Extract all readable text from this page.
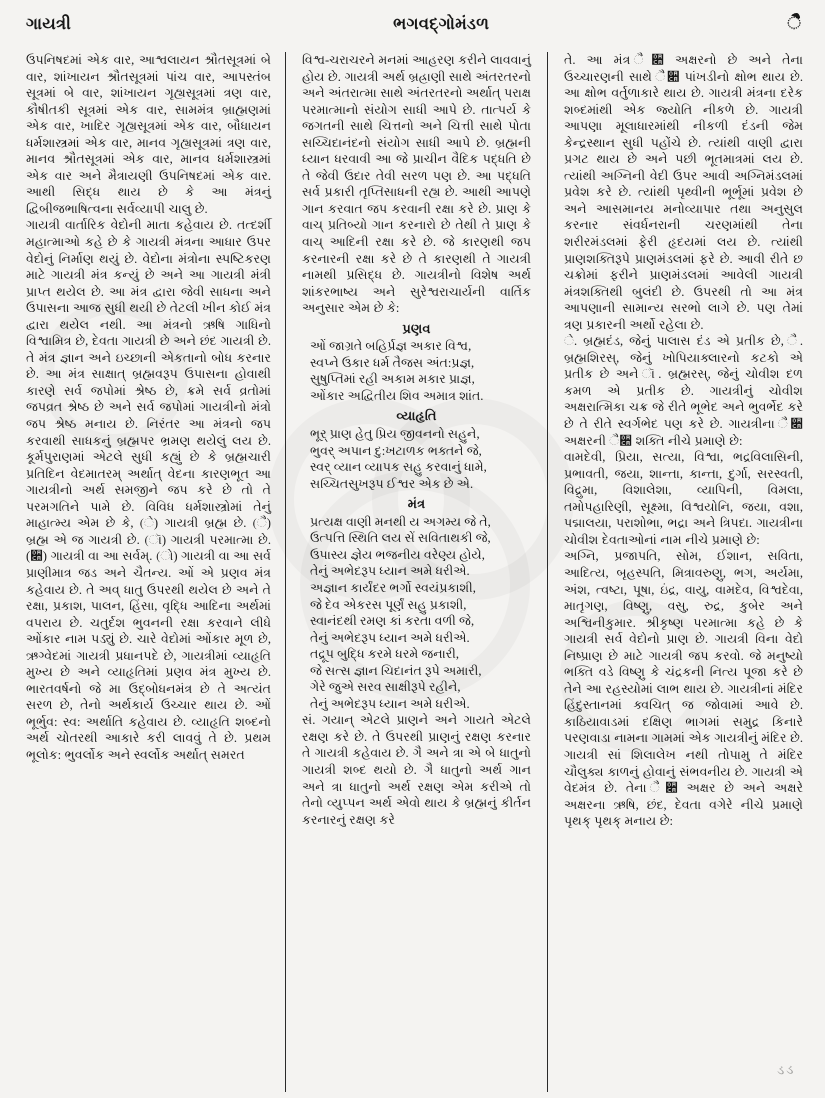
ગાયત્રી	ભગવદ્ગોમંડળ	ૈૈેૈ

ઉપનિષદમાં એક વાર, આશ્વલાયન શ્રૌતસૂત્રમાં બે વાર, શાંખાયન શ્રૌતસૂત્રમાં પાંચ વાર, આપસ્તંબ સૂત્રમાં બે વાર, શાંખાયન ગૃહ્યસૂત્રમાં ત્રણ વાર, કૌષીતકી સૂત્રમાં એક વાર, સામમંત્ર બ્રાહ્મણમાં એક વાર, ખાદિર ગૃહ્યસૂત્રમાં એક વાર, બૌધાયન ધર્મશાસ્ત્રમાં એક વાર, માનવ ગૃહ્યસૂત્રમાં ત્રણ વાર, માનવ શ્રૌતસૂત્રમાં એક વાર, માનવ ધર્મશાસ્ત્રમાં એક વાર અને મૈત્રાયણી ઉપનિષદમાં એક વાર. આથી સિદ્ધ થાય છે કે આ મંત્રનું દ્વિબીજભાષિત્વના સર્વવ્યાપી ચાલુ છે.

ગાયત્રી વાર્તારિક વેદોની માતા કહેવાય છે. તત્દર્શી મહાત્માઓ કહે છે કે ગાયત્રી મંત્રના આધાર ઉપર વેદોનું નિર્માણ થયું છે. વેદોના મંત્રોના સ્પષ્ટિકરણ માટે ગાયત્રી મંત્ર કન્યું છે અને આ ગાયત્રી મંત્રી પ્રાપ્ત થયેલ છે. આ મંત્ર દ્વારા જેવી સાધના અને ઉપાસના આજ સુધી થયી છે તેટલી ખીન કોઈ મંત્ર દ્વારા થયેલ નથી. આ મંત્રનો ઋષિ ગાધિનો વિશ્વામિત્ર છે, દેવતા ગાયત્રી છે અને છંદ ગાયત્રી છે. તે મંત્ર જ્ઞાન અને ઇચ્છાની એકતાનો બોધ કરનાર છે. આ મંત્ર સાક્ષાત્ બ્રહ્મવરૂપ ઉપાસના હોવાથી કારણે સર્વ જપોમાં શ્રેષ્ઠ છે, ક્રમે સર્વ વ્રતોમાં જપવ્રત શ્રેષ્ઠ છે અને સર્વ જપોમાં ગાયત્રીનો મંત્રો જપ શ્રેષ્ઠ મનાય છે. નિરંતર આ મંત્રનો જપ કરવાથી સાધકનું બ્રહ્મપર ભ્રમણ થયેલું લય છે. કૂર્મપુરાણમાં એટલે સુધી કહ્યું છે કે બ્રહ્મચારી પ્રતિદિન વેદમાતરમ્ અર્થાત્ વેદના કારણભૂત આ ગાયત્રીનો અર્થ સમજીને જપ કરે છે તો તે પરમગતિને પામે છે. વિવિધ ધર્મશાસ્ત્રોમાં તેનું માહાત્મ્ય એમ છે કે, (ે) ગાયત્રી બ્રહ્મ છે. (ૈ) બ્રહ્મ એ જ ગાયત્રી છે. (ૉ) ગાયત્રી પરમાત્મા છે. (૊) ગાયત્રી વા આ સર્વમ્. (ો) ગાયત્રી વા આ સર્વ પ્રાણીમાત્ર જડ અને ચૈતન્ય. ઓં એ પ્રણવ મંત્ર કહેવાય છે. તે અવ્ ધાતુ ઉપરથી થયેલ છે અને તે રક્ષા, પ્રકાશ, પાલન, હિંસા, વૃદ્ધિ આદિના અર્થમાં વપરાય છે. ચતુર્દશ ભુવનની રક્ષા કરવાને લીધે ઓંકાર નામ પડ્યું છે. ચારે વેદોમાં ઓંકાર મૂળ છે, ઋગ્વેદમાં ગાયત્રી પ્રધાનપદે છે, ગાયત્રીમાં વ્યાહૃતિ મુખ્ય છે અને વ્યાહૃતિમાં પ્રણવ મંત્ર મુખ્ય છે. ભારતવર્ષનો જે મા ઉદ્બોધનમંત્ર છે તે અત્યંત સરળ છે, તેનો અર્થકાર્ય ઉચ્ચાર થાય છે. ઓં ભૂર્ભુવ: સ્વ: અર્થાતિ કહેવાય છે. વ્યાહૃતિ શબ્દનો અર્થ ચોતરથી આકારે કરી લાવવું તે છે. પ્રથમ ભૂલોક: ભુવર્લોક અને સ્વર્લોક અર્થાત્ સમરત

વિશ્વ-ચરાચરને મનમાં આહરણ કરીને લાવવાનું હોય છે. ગાયત્રી અર્થ બ્રહ્રાણી સાથે અંતરતરનો અને અંતરાત્મા સાથે અંતરતરનો અર્થાત્ પરાક્ષ પરમાત્માનો સંયોગ સાધી આપે છે. તાત્પર્ય કે જગતની સાથે ચિત્તનો અને ચિત્તી સાથે પોતા સચ્ચિદાનંદનો સંયોગ સાધી આપે છે. બ્રહ્મની ધ્યાન ધરવાવી આ જે પ્રાચીન વૈદિક પદ્ધતિ છે તે જેવી ઉદાર તેવી સરળ પણ છે. આ પદ્ધતિ સર્વ પ્રકારી તૃપ્તિસાધની રહ્ય છે. આથી આપણે ગાન કરવાત જપ કરવાની રક્ષા કરે છે. પ્રાણ કે વાચ્ પ્રતિબ્યો ગાન કરનારો છે તેથી તે પ્રાણ કે વાચ્ આદિની રક્ષા કરે છે. જે કારણથી જપ કરનારની રક્ષા કરે છે તે કારણથી તે ગાયત્રી નામથી પ્રસિદ્ધ છે. ગાયત્રીનો વિશેષ અર્થ શાંકરભાષ્ય અને સુરેશ્વરાચાર્યની વાર્તિક અનુસાર એમ છે કે:

પ્રણવ
ઓં જાગ્રતે બહિર્પ્રજ્ઞ અકાર વિશ્વ,
સ્વપ્ને ઉકાર ધર્મ તૈજસ અંત:પ્રજ્ઞ,
સુષુપ્તિમાં રહી અકામ મકાર પ્રાજ્ઞ,
ઓંકાર અદ્વિતીય શિવ અમાત્ર શાંત.
વ્યાહૃતિ
ભૂર્ પ્રાણ હેતુ પ્રિય જીવનનો સહુને,
ભુવર્ અપાન દુ:ખટાળક ભક્તને જે,
સ્વર્ વ્યાન વ્યાપક સહુ કરવાનું ધામે,
સચ્ચિતસુખરૂપ ઈશ્વર એક છે એ.
મંત્ર
પ્રત્યક્ષ વાણી મનથી ય અગમ્ય જે તે,
ઉત્પત્તિ સ્થિતિ લય સેં સવિતાથકી જે,
ઉપાસ્ય જ્ઞેય ભજનીય વરેણ્ય હોયે,
તેનું અભેદરૂપ ધ્યાન અમે ધરીએ.
અજ્ઞાન કાર્યંદર ભર્ગો સ્વયંપ્રકાશી,
જે દેવ એકરસ પૂર્ણં સહુ પ્રકાશી,
સ્વાનંદથી રમણ કાં કરતા વળી જે,
તેનું અભેદરૂપ ધ્યાન અમે ધરીએ.
તદ્રૂપ બુદ્ધિ કરમે ધરમે જનારી,
જે સત્સ જ્ઞાન ચિદાનંત રૂપે અમારી,
ગેરે જુએ સરવ સાક્ષીરૂપે રહીને,
તેનું અભેદરૂપ ધ્યાન અમે ધરીએ.

સં. ગયાન્ એટલે પ્રાણને અને ગાયતે એટલે રક્ષણ કરે છે. તે ઉપરથી પ્રાણનું રક્ષણ કરનાર તે ગાયત્રી કહેવાય છે. ગૈ અને ત્રા એ બે ધાતુનો ગાયત્રી શબ્દ થયો છે. ગૈ ધાતુનો અર્થ ગાન અને ત્રા ધાતુનો અર્થ રક્ષણ એમ કરીએ તો તેનો વ્યુપ્પન અર્થ એવો થાય કે બ્રહ્મનું કીર્તન કરનારનું રક્ષણ કરે

તે. આ મંત્ર ૈ૊ અક્ષરનો છે અને તેના ઉચ્ચારણની સાથે ૈ૊ પાંખડીનો ક્ષોભ થાય છે. આ ક્ષોભ વર્તુળાકારે થાય છે. ગાયત્રી મંત્રના દરેક શબ્દમાંથી એક જ્યોતિ નીકળે છે. ગાયત્રી આપણા મૂલાધારમાંથી નીકળી દંડની જેમ કેન્દ્રસ્થાન સુધી પહોંચે છે. ત્યાંથી વાણી દ્વારા પ્રગટ થાય છે અને પછી ભૂતમાત્રમાં લય છે. ત્યાંથી અગ્નિની વેદી ઉપર આવી અગ્નિમંડલમાં પ્રવેશ કરે છે. ત્યાંથી પૃથ્વીની ભૂર્ભૂમાં પ્રવેશ છે અને આસમાનય મનોવ્યાપાર તથા અનુસુલ કરનાર સંવર્ધનરાની ચરણમાંથી તેના શરીરમંડલમાં ફેરી હૃદયમાં લય છે. ત્યાંથી પ્રાણશક્તિરૂપે પ્રાણમંડલમાં ફરે છે. આવી રીતે છ ચક્રોમાં ફરીને પ્રાણમંડલમાં આવેલી ગાયત્રી મંત્રશક્તિથી બુલંદી છે. ઉપરથી તો આ મંત્ર આપણાની સામાન્ય સરભો લાગે છે. પણ તેમાં ત્રણ પ્રકારની અર્થો રહેલા છે.

ે. બ્રહ્મદંડ, જેનું પાલાસ દંડ એ પ્રતીક છે, ૈ. બ્રહ્મશિરસ્, જેનું ખોપિયાક્લારનો કટકો એ પ્રતીક છે અને ૉ. બ્રહ્મરસ્, જેનું ચોવીશ દળ કમળ એ પ્રતીક છે. ગાયત્રીનું ચોવીશ અક્ષરાત્મિકા ચક્ર જે રીતે ભૂભેદ અને ભુવર્ભેદ કરે છે તે રીતે સ્વર્ગભેદ પણ કરે છે. ગાયત્રીના ૈ૊ અક્ષરની ૈ૊ શક્તિ નીચે પ્રમાણે છે:

વામદેવી, પ્રિયા, સત્યા, વિશ્વા, ભદ્રવિલાસિની, પ્રભાવતી, જયા, શાન્તા, કાન્તા, દુર્ગા, સરસ્વતી, વિદ્રુમા, વિશાલેશા, વ્યાપિની, વિમલા, તમોપહારિણી, સૂક્ષ્મા, વિશ્વયોનિ, જયા, વશા, પદ્માલયા, પરાશોભા, ભદ્રા અને ત્રિપદા. ગાયત્રીના ચોવીશ દેવતાઓનાં નામ નીચે પ્રમાણે છે:

અગ્નિ, પ્રજાપતિ, સોમ, ઈશાન, સવિતા, આદિત્ય, બૃહસ્પતિ, મિત્રાવરુણુ, ભગ, અર્યમા, અંશ, ત્વષ્ટા, પૂષા, ઇંદ્ર, વાયુ, વામદેવ, વિશ્વદેવા, માતૃગણ, વિષ્ણુ, વસુ, રુદ્ર, કુબેર અને અશ્વિનીકુમાર. શ્રીકૃષ્ણ પરમાત્મા કહે છે કે ગાયત્રી સર્વ વેદોનો પ્રાણ છે. ગાયત્રી વિના વેદો નિષ્પ્રાણ છે માટે ગાયત્રી જપ કરવો. જે મનુષ્યો ભક્તિ વડે વિષ્ણુ કે ચંદ્રકની નિત્ય પૂજા કરે છે તેને આ રહસ્યોમાં લાભ થાય છે. ગાયત્રીનાં મંદિર હિંદુસ્તાનમાં ક્વચિત્ જ જોવામાં આવે છે. કાઠિયાવાડમાં દક્ષિણ ભાગમાં સમુદ્ર કિનારે પરણવાડા નામના ગામમાં એક ગાયત્રીનું મંદિર છે. ગાયત્રી સાં શિલાલેખ નથી તોપામુ તે મંદિર ચૌલુક્ય કાળનું હોવાનું સંભવનીય છે. ગાયત્રી એ વેદમંત્ર છે. તેના ૈ૊ અક્ષર છે અને અક્ષરે અક્ષરના ઋષિ, છંદ, દેવતા વગેરે નીચે પ્રમાણે પૃથક્ પૃથક્ મનાય છે:

ડડ
